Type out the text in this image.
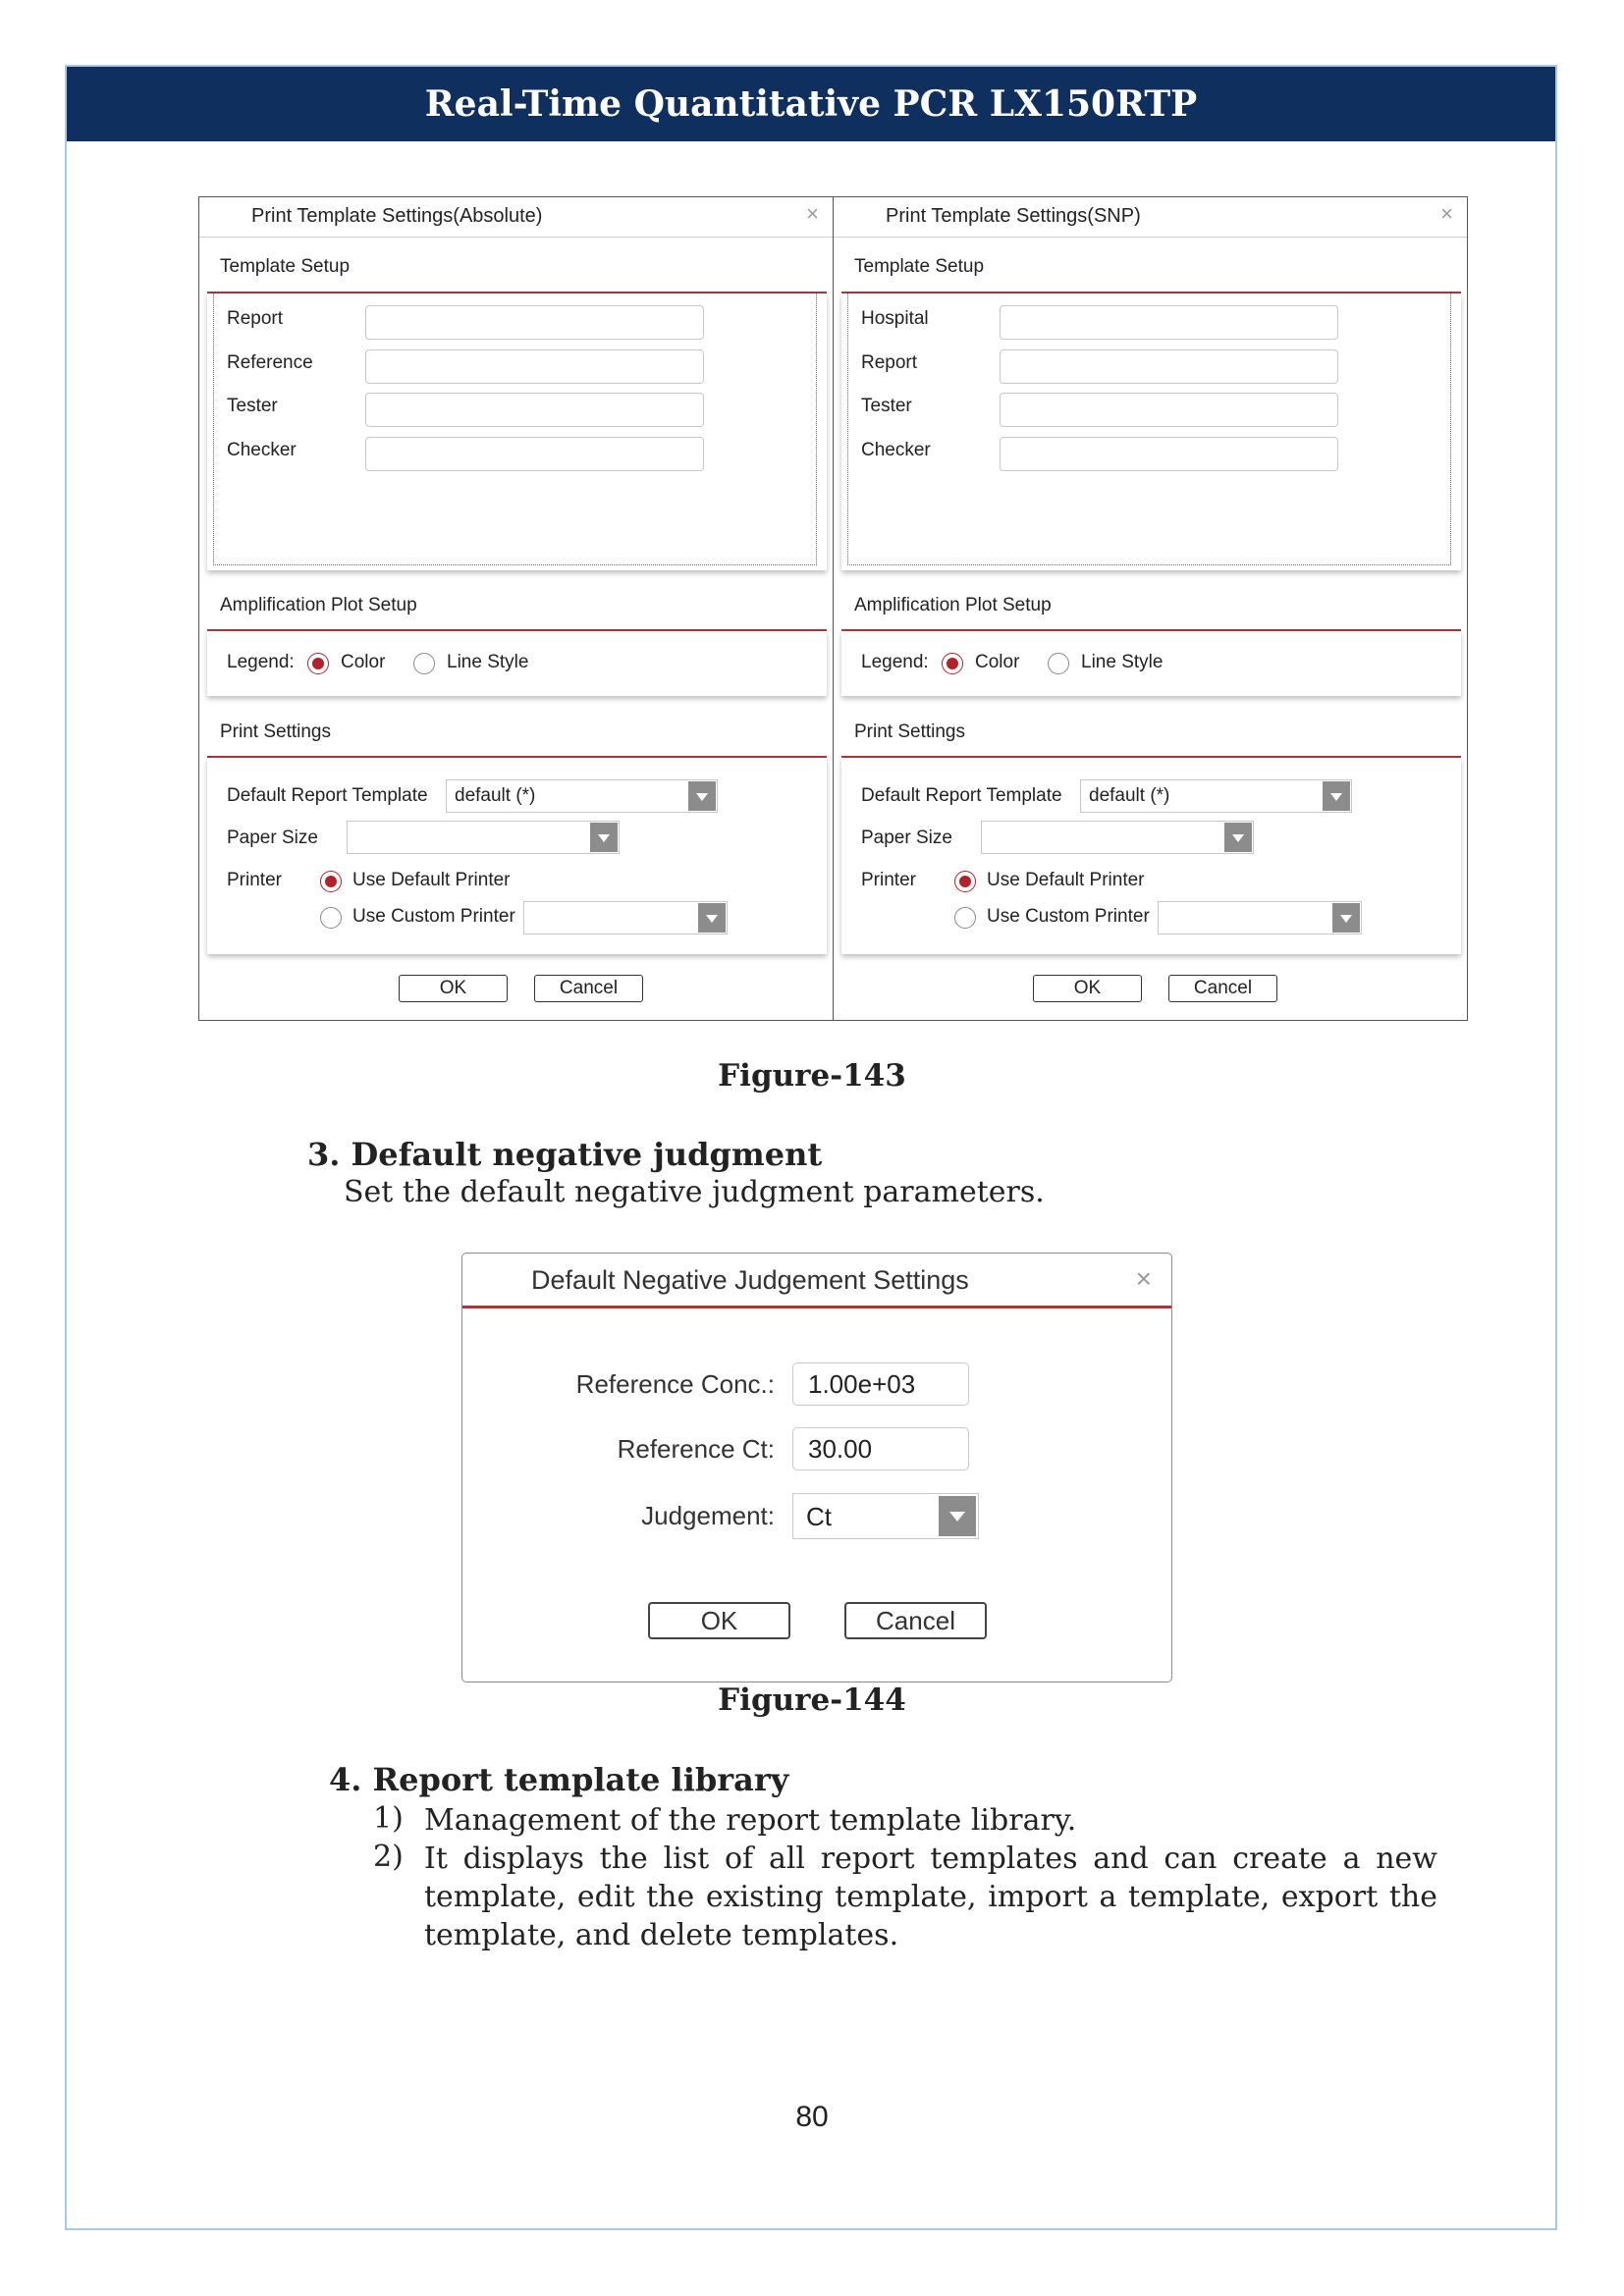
Real-Time Quantitative PCR LX150RTP
Print Template Settings(Absolute)	×
Template Setup
Report
Reference
Tester
Checker
Amplification Plot Setup
Legend: Color	Line Style
Print Settings
Default Report Template default (*)
Paper Size
Printer	Use Default Printer
Use Custom Printer
OK	Cancel
Print Template Settings(SNP)	×
Template Setup
Hospital
Report
Tester
Checker
Amplification Plot Setup
Legend: Color	Line Style
Print Settings
Default Report Template default (*)
Paper Size
Printer	Use Default Printer
Use Custom Printer
OK	Cancel
Figure-143
3. Default negative judgment
Set the default negative judgment parameters.
Default Negative Judgement Settings	×
Reference Conc.:	1.00e+03
Reference Ct:	30.00
Judgement: Ct
OK	Cancel
Figure-144
4. Report template library
1) Management of the report template library.
2) It displays the list of all report templates and can create a new template, edit the existing template, import a template, export the template, and delete templates.
80
